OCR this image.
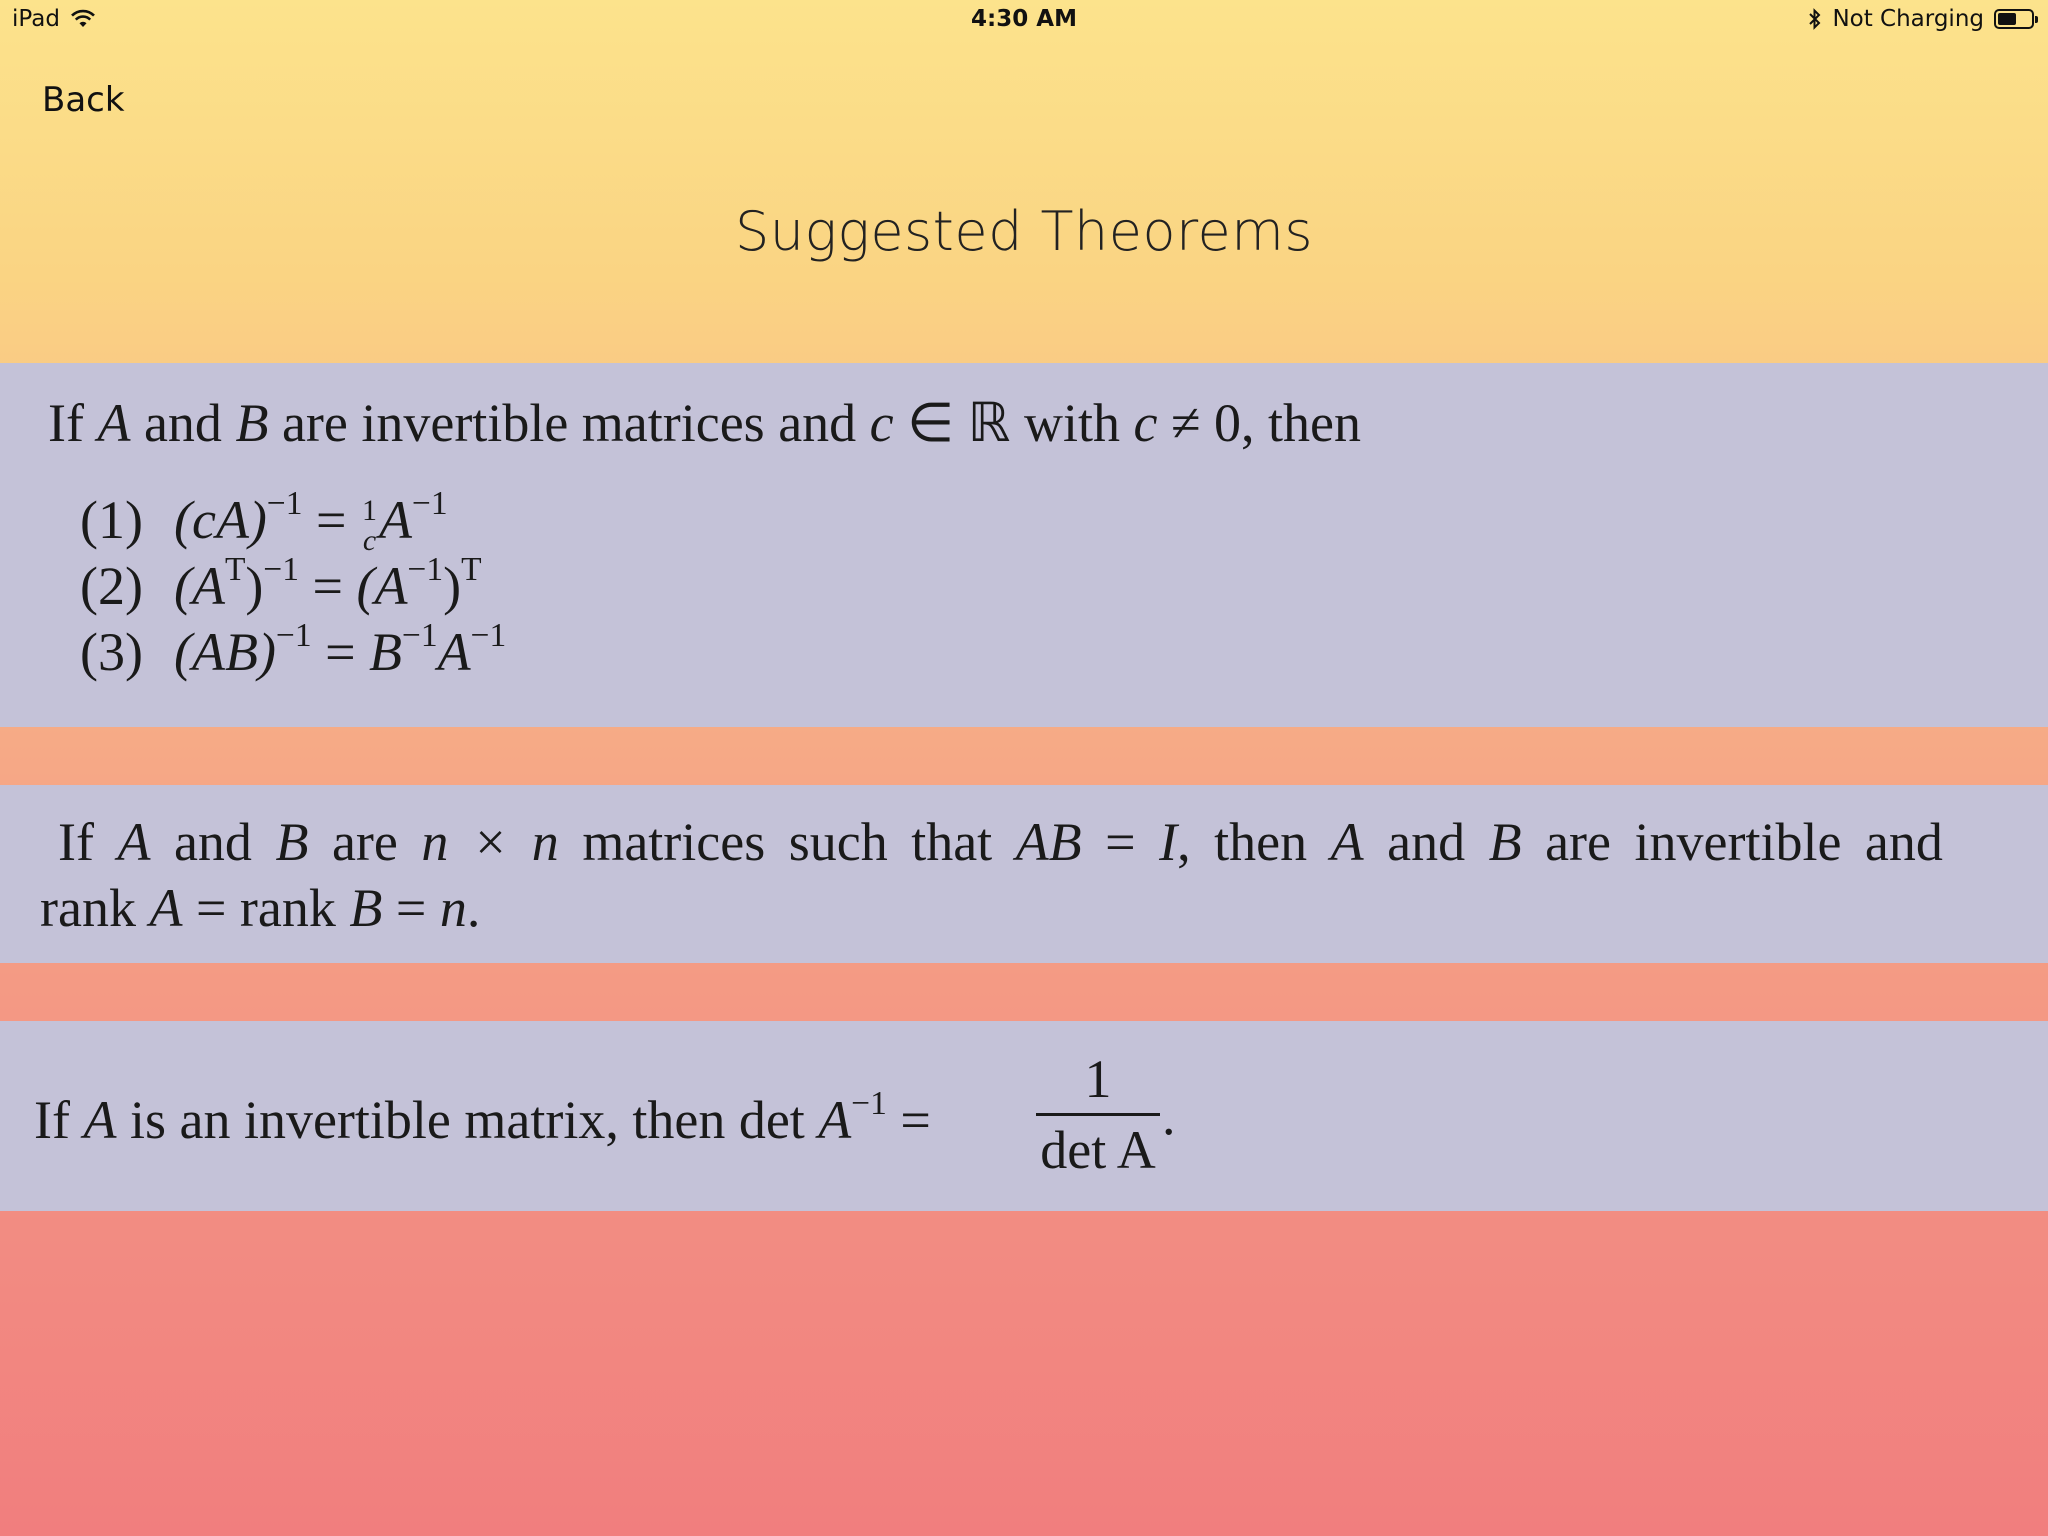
iPad	4:30 AM	Not Charging
Back
Suggested Theorems
If A and B are invertible matrices and c ∈ ℝ with c ≠ 0, then
(1) (cA)$^{-1}$ = 1
c $A^{-1}$
(2) $(A^T)^{-1} = (A^{-1})^T$
(3) $(AB)^{-1} = B^{-1}A^{-1}$
If A and B are n × n matrices such that AB = I, then A and B are invertible and
rank A = rank B = n.
If A is an invertible matrix, then $\det A^{-1}$ =
1
det A
.
